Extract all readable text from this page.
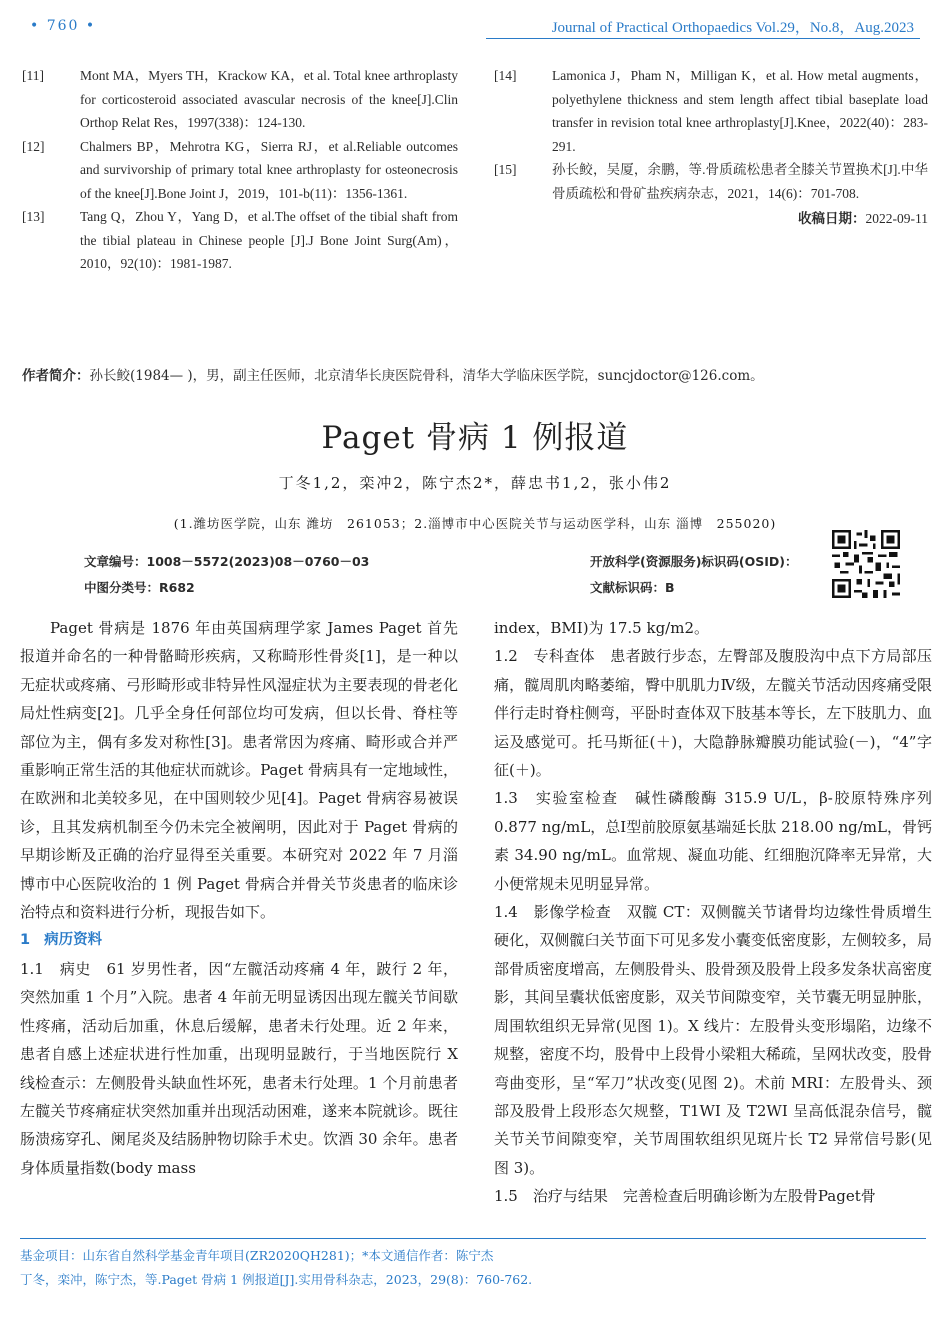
• 760 •	Journal of Practical Orthopaedics Vol.29，No.8，Aug.2023
[11]	Mont MA，Myers TH，Krackow KA，et al. Total knee arthroplasty for corticosteroid associated avascular necrosis of the knee[J].Clin Orthop Relat Res，1997(338)：124-130.
[12]	Chalmers BP，Mehrotra KG，Sierra RJ，et al.Reliable outcomes and survivorship of primary total knee arthroplasty for osteonecrosis of the knee[J].Bone Joint J，2019，101-b(11)：1356-1361.
[13]	Tang Q，Zhou Y，Yang D，et al.The offset of the tibial shaft from the tibial plateau in Chinese people [J].J Bone Joint Surg(Am)，2010，92(10)：1981-1987.
[14]	Lamonica J，Pham N，Milligan K，et al. How metal augments，polyethylene thickness and stem length affect tibial baseplate load transfer in revision total knee arthroplasty[J].Knee，2022(40)：283-291.
[15]	孙长鲛，吴厦，余鹏，等.骨质疏松患者全膝关节置换术[J].中华骨质疏松和骨矿盐疾病杂志，2021，14(6)：701-708.
收稿日期：2022-09-11
作者简介：孙长鲛(1984— )，男，副主任医师，北京清华长庚医院骨科，清华大学临床医学院，suncjdoctor@126.com。
Paget 骨病 1 例报道
丁冬1,2，栾冲2，陈宁杰2*，薛忠书1,2，张小伟2
(1.潍坊医学院，山东 潍坊　261053；2.淄博市中心医院关节与运动医学科，山东 淄博　255020)
文章编号：1008－5572(2023)08－0760－03
中图分类号：R682
开放科学(资源服务)标识码(OSID)：
文献标识码：B

Paget 骨病是 1876 年由英国病理学家 James Paget 首先报道并命名的一种骨骼畸形疾病，又称畸形性骨炎[1]，是一种以无症状或疼痛、弓形畸形或非特异性风湿症状为主要表现的骨老化局灶性病变[2]。几乎全身任何部位均可发病，但以长骨、脊柱等部位为主，偶有多发对称性[3]。患者常因为疼痛、畸形或合并严重影响正常生活的其他症状而就诊。Paget 骨病具有一定地域性，在欧洲和北美较多见，在中国则较少见[4]。Paget 骨病容易被误诊，且其发病机制至今仍未完全被阐明，因此对于 Paget 骨病的早期诊断及正确的治疗显得至关重要。本研究对 2022 年 7 月淄博市中心医院收治的 1 例 Paget 骨病合并骨关节炎患者的临床诊治特点和资料进行分析，现报告如下。

1 病历资料

1.1　病史　 61 岁男性者，因“左髋活动疼痛 4 年，跛行 2 年，突然加重 1 个月”入院。患者 4 年前无明显诱因出现左髋关节间歇性疼痛，活动后加重，休息后缓解，患者未行处理。近 2 年来，患者自感上述症状进行性加重，出现明显跛行，于当地医院行 X 线检查示：左侧股骨头缺血性坏死，患者未行处理。1 个月前患者左髋关节疼痛症状突然加重并出现活动困难，遂来本院就诊。既往肠溃疡穿孔、阑尾炎及结肠肿物切除手术史。饮酒 30 余年。患者身体质量指数(body mass

index，BMI)为 17.5 kg/m2。

1.2　专科查体　 患者跛行步态，左臀部及腹股沟中点下方局部压痛，髋周肌肉略萎缩，臀中肌肌力Ⅳ级，左髋关节活动因疼痛受限伴行走时脊柱侧弯，平卧时查体双下肢基本等长，左下肢肌力、血运及感觉可。托马斯征(＋)，大隐静脉瓣膜功能试验(－)，“4”字征(＋)。

1.3　实验室检查　 碱性磷酸酶 315.9 U/L，β-胶原特殊序列 0.877 ng/mL，总Ⅰ型前胶原氨基端延长肽 218.00 ng/mL，骨钙素 34.90 ng/mL。血常规、凝血功能、红细胞沉降率无异常，大小便常规未见明显异常。

1.4　影像学检查　 双髋 CT：双侧髋关节诸骨均边缘性骨质增生硬化，双侧髋臼关节面下可见多发小囊变低密度影，左侧较多，局部骨质密度增高，左侧股骨头、股骨颈及股骨上段多发条状高密度影，其间呈囊状低密度影，双关节间隙变窄，关节囊无明显肿胀，周围软组织无异常(见图 1)。X 线片：左股骨头变形塌陷，边缘不规整，密度不均，股骨中上段骨小梁粗大稀疏，呈网状改变，股骨弯曲变形，呈“军刀”状改变(见图 2)。术前 MRI：左股骨头、颈部及股骨上段形态欠规整，T1WI 及 T2WI 呈高低混杂信号，髋关节关节间隙变窄，关节周围软组织见斑片长 T2 异常信号影(见图 3)。

1.5　治疗与结果　 完善检查后明确诊断为左股骨Paget骨

基金项目：山东省自然科学基金青年项目(ZR2020QH281)；*本文通信作者：陈宁杰
丁冬，栾冲，陈宁杰，等.Paget 骨病 1 例报道[J].实用骨科杂志，2023，29(8)：760-762.
